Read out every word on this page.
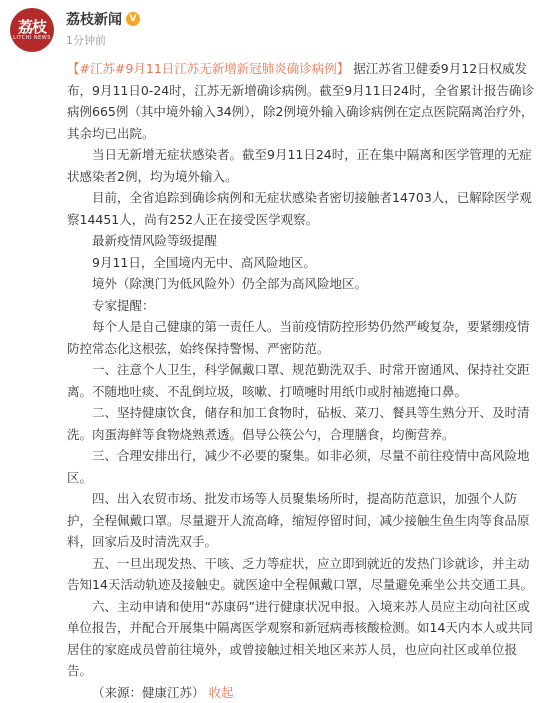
荔枝
LITCHI NEWS
荔枝新闻 V
1分钟前

【#江苏#9月11日江苏无新增新冠肺炎确诊病例】 据江苏省卫健委9月12日权威发布，9月11日0-24时，江苏无新增确诊病例。截至9月11日24时，全省累计报告确诊病例665例（其中境外输入34例），除2例境外输入确诊病例在定点医院隔离治疗外，其余均已出院。

当日无新增无症状感染者。截至9月11日24时，正在集中隔离和医学管理的无症状感染者2例，均为境外输入。

目前，全省追踪到确诊病例和无症状感染者密切接触者14703人，已解除医学观察14451人，尚有252人正在接受医学观察。

最新疫情风险等级提醒

9月11日，全国境内无中、高风险地区。

境外（除澳门为低风险外）仍全部为高风险地区。

专家提醒：

每个人是自己健康的第一责任人。当前疫情防控形势仍然严峻复杂，要紧绷疫情防控常态化这根弦，始终保持警惕、严密防范。

一、注意个人卫生，科学佩戴口罩、规范勤洗双手、时常开窗通风、保持社交距离。不随地吐痰、不乱倒垃圾，咳嗽、打喷嚏时用纸巾或肘袖遮掩口鼻。

二、坚持健康饮食，储存和加工食物时，砧板、菜刀、餐具等生熟分开、及时清洗。肉蛋海鲜等食物烧熟煮透。倡导公筷公勺，合理膳食，均衡营养。

三、合理安排出行，减少不必要的聚集。如非必须，尽量不前往疫情中高风险地区。

四、出入农贸市场、批发市场等人员聚集场所时，提高防范意识，加强个人防护，全程佩戴口罩。尽量避开人流高峰，缩短停留时间，减少接触生鱼生肉等食品原料，回家后及时清洗双手。

五、一旦出现发热、干咳、乏力等症状，应立即到就近的发热门诊就诊，并主动告知14天活动轨迹及接触史。就医途中全程佩戴口罩，尽量避免乘坐公共交通工具。

六、主动申请和使用“苏康码”进行健康状况申报。入境来苏人员应主动向社区或单位报告，并配合开展集中隔离医学观察和新冠病毒核酸检测。如14天内本人或共同居住的家庭成员曾前往境外，或曾接触过相关地区来苏人员，也应向社区或单位报告。

（来源：健康江苏） 收起
